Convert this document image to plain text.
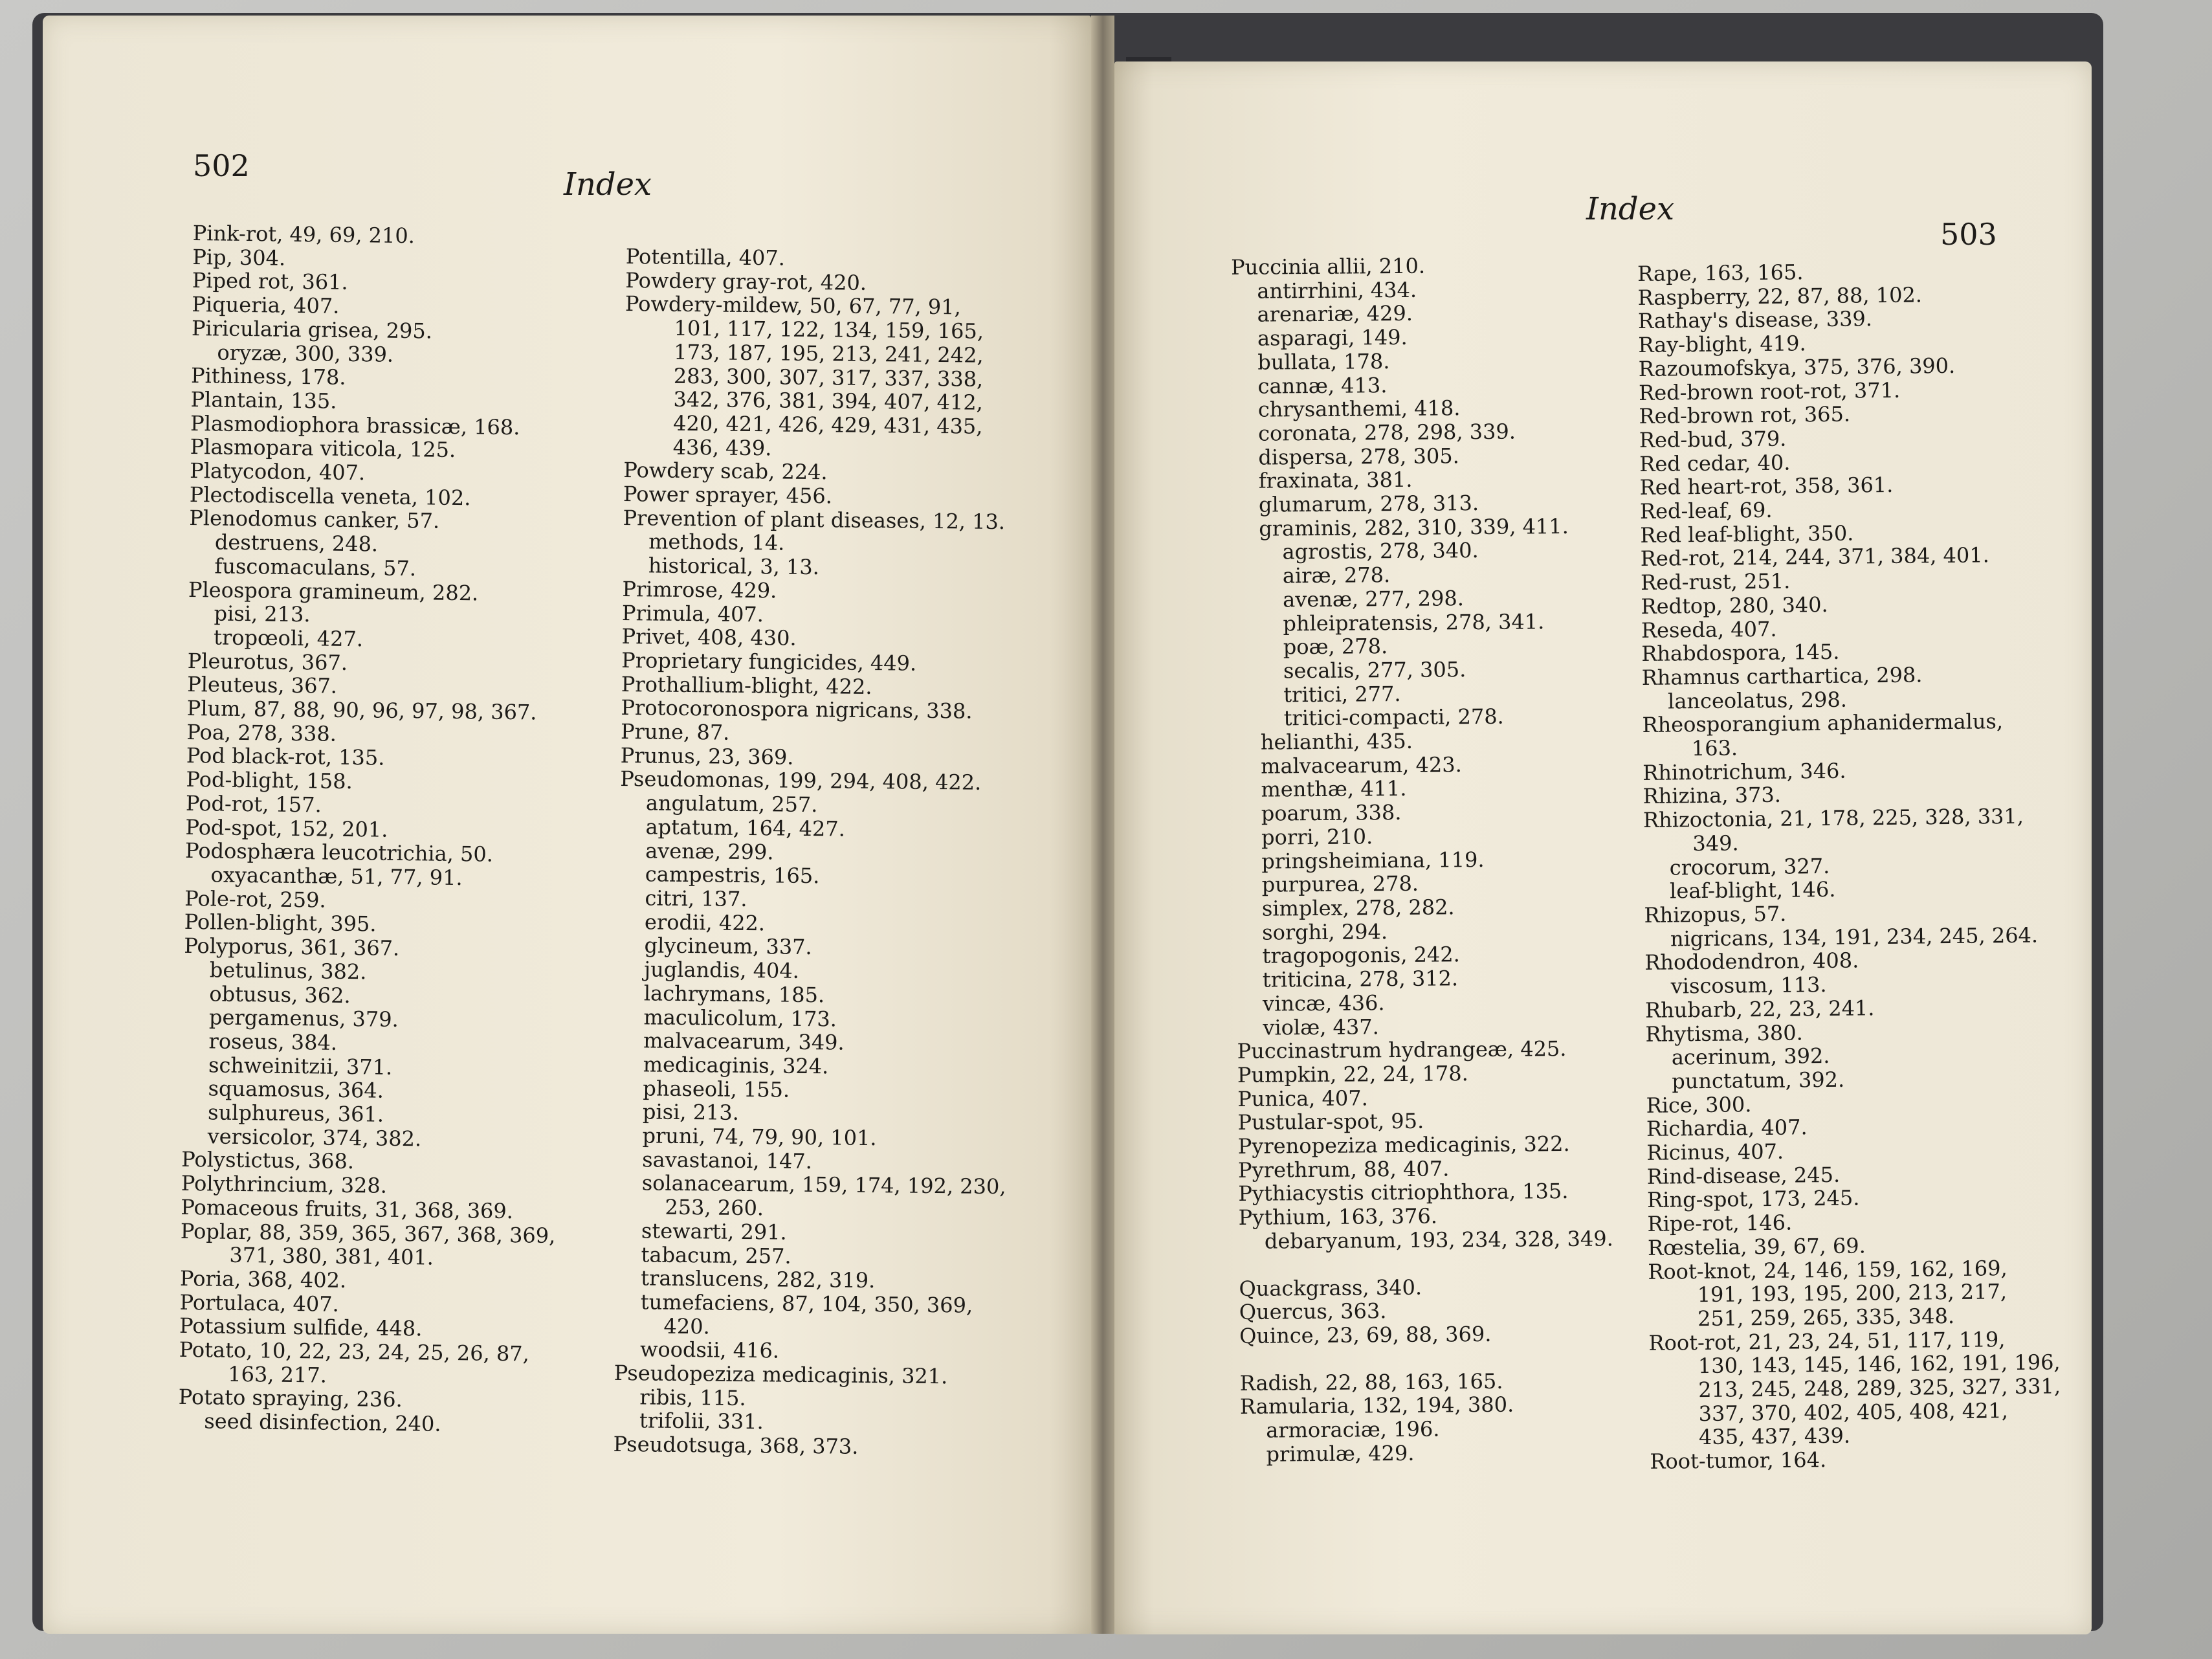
502
Index
Pink-rot, 49, 69, 210.
Pip, 304.
Piped rot, 361.
Piqueria, 407.
Piricularia grisea, 295.
oryzæ, 300, 339.
Pithiness, 178.
Plantain, 135.
Plasmodiophora brassicæ, 168.
Plasmopara viticola, 125.
Platycodon, 407.
Plectodiscella veneta, 102.
Plenodomus canker, 57.
destruens, 248.
fuscomaculans, 57.
Pleospora gramineum, 282.
pisi, 213.
tropœoli, 427.
Pleurotus, 367.
Pleuteus, 367.
Plum, 87, 88, 90, 96, 97, 98, 367.
Poa, 278, 338.
Pod black-rot, 135.
Pod-blight, 158.
Pod-rot, 157.
Pod-spot, 152, 201.
Podosphæra leucotrichia, 50.
oxyacanthæ, 51, 77, 91.
Pole-rot, 259.
Pollen-blight, 395.
Polyporus, 361, 367.
betulinus, 382.
obtusus, 362.
pergamenus, 379.
roseus, 384.
schweinitzii, 371.
squamosus, 364.
sulphureus, 361.
versicolor, 374, 382.
Polystictus, 368.
Polythrincium, 328.
Pomaceous fruits, 31, 368, 369.
Poplar, 88, 359, 365, 367, 368, 369,
371, 380, 381, 401.
Poria, 368, 402.
Portulaca, 407.
Potassium sulfide, 448.
Potato, 10, 22, 23, 24, 25, 26, 87,
163, 217.
Potato spraying, 236.
seed disinfection, 240.
Potentilla, 407.
Powdery gray-rot, 420.
Powdery-mildew, 50, 67, 77, 91,
101, 117, 122, 134, 159, 165,
173, 187, 195, 213, 241, 242,
283, 300, 307, 317, 337, 338,
342, 376, 381, 394, 407, 412,
420, 421, 426, 429, 431, 435,
436, 439.
Powdery scab, 224.
Power sprayer, 456.
Prevention of plant diseases, 12, 13.
methods, 14.
historical, 3, 13.
Primrose, 429.
Primula, 407.
Privet, 408, 430.
Proprietary fungicides, 449.
Prothallium-blight, 422.
Protocoronospora nigricans, 338.
Prune, 87.
Prunus, 23, 369.
Pseudomonas, 199, 294, 408, 422.
angulatum, 257.
aptatum, 164, 427.
avenæ, 299.
campestris, 165.
citri, 137.
erodii, 422.
glycineum, 337.
juglandis, 404.
lachrymans, 185.
maculicolum, 173.
malvacearum, 349.
medicaginis, 324.
phaseoli, 155.
pisi, 213.
pruni, 74, 79, 90, 101.
savastanoi, 147.
solanacearum, 159, 174, 192, 230,
253, 260.
stewarti, 291.
tabacum, 257.
translucens, 282, 319.
tumefaciens, 87, 104, 350, 369,
420.
woodsii, 416.
Pseudopeziza medicaginis, 321.
ribis, 115.
trifolii, 331.
Pseudotsuga, 368, 373.
Index
503
Puccinia allii, 210.
antirrhini, 434.
arenariæ, 429.
asparagi, 149.
bullata, 178.
cannæ, 413.
chrysanthemi, 418.
coronata, 278, 298, 339.
dispersa, 278, 305.
fraxinata, 381.
glumarum, 278, 313.
graminis, 282, 310, 339, 411.
agrostis, 278, 340.
airæ, 278.
avenæ, 277, 298.
phleipratensis, 278, 341.
poæ, 278.
secalis, 277, 305.
tritici, 277.
tritici-compacti, 278.
helianthi, 435.
malvacearum, 423.
menthæ, 411.
poarum, 338.
porri, 210.
pringsheimiana, 119.
purpurea, 278.
simplex, 278, 282.
sorghi, 294.
tragopogonis, 242.
triticina, 278, 312.
vincæ, 436.
violæ, 437.
Puccinastrum hydrangeæ, 425.
Pumpkin, 22, 24, 178.
Punica, 407.
Pustular-spot, 95.
Pyrenopeziza medicaginis, 322.
Pyrethrum, 88, 407.
Pythiacystis citriophthora, 135.
Pythium, 163, 376.
debaryanum, 193, 234, 328, 349.
Quackgrass, 340.
Quercus, 363.
Quince, 23, 69, 88, 369.
Radish, 22, 88, 163, 165.
Ramularia, 132, 194, 380.
armoraciæ, 196.
primulæ, 429.
Rape, 163, 165.
Raspberry, 22, 87, 88, 102.
Rathay's disease, 339.
Ray-blight, 419.
Razoumofskya, 375, 376, 390.
Red-brown root-rot, 371.
Red-brown rot, 365.
Red-bud, 379.
Red cedar, 40.
Red heart-rot, 358, 361.
Red-leaf, 69.
Red leaf-blight, 350.
Red-rot, 214, 244, 371, 384, 401.
Red-rust, 251.
Redtop, 280, 340.
Reseda, 407.
Rhabdospora, 145.
Rhamnus carthartica, 298.
lanceolatus, 298.
Rheosporangium aphanidermalus,
163.
Rhinotrichum, 346.
Rhizina, 373.
Rhizoctonia, 21, 178, 225, 328, 331,
349.
crocorum, 327.
leaf-blight, 146.
Rhizopus, 57.
nigricans, 134, 191, 234, 245, 264.
Rhododendron, 408.
viscosum, 113.
Rhubarb, 22, 23, 241.
Rhytisma, 380.
acerinum, 392.
punctatum, 392.
Rice, 300.
Richardia, 407.
Ricinus, 407.
Rind-disease, 245.
Ring-spot, 173, 245.
Ripe-rot, 146.
Rœstelia, 39, 67, 69.
Root-knot, 24, 146, 159, 162, 169,
191, 193, 195, 200, 213, 217,
251, 259, 265, 335, 348.
Root-rot, 21, 23, 24, 51, 117, 119,
130, 143, 145, 146, 162, 191, 196,
213, 245, 248, 289, 325, 327, 331,
337, 370, 402, 405, 408, 421,
435, 437, 439.
Root-tumor, 164.
